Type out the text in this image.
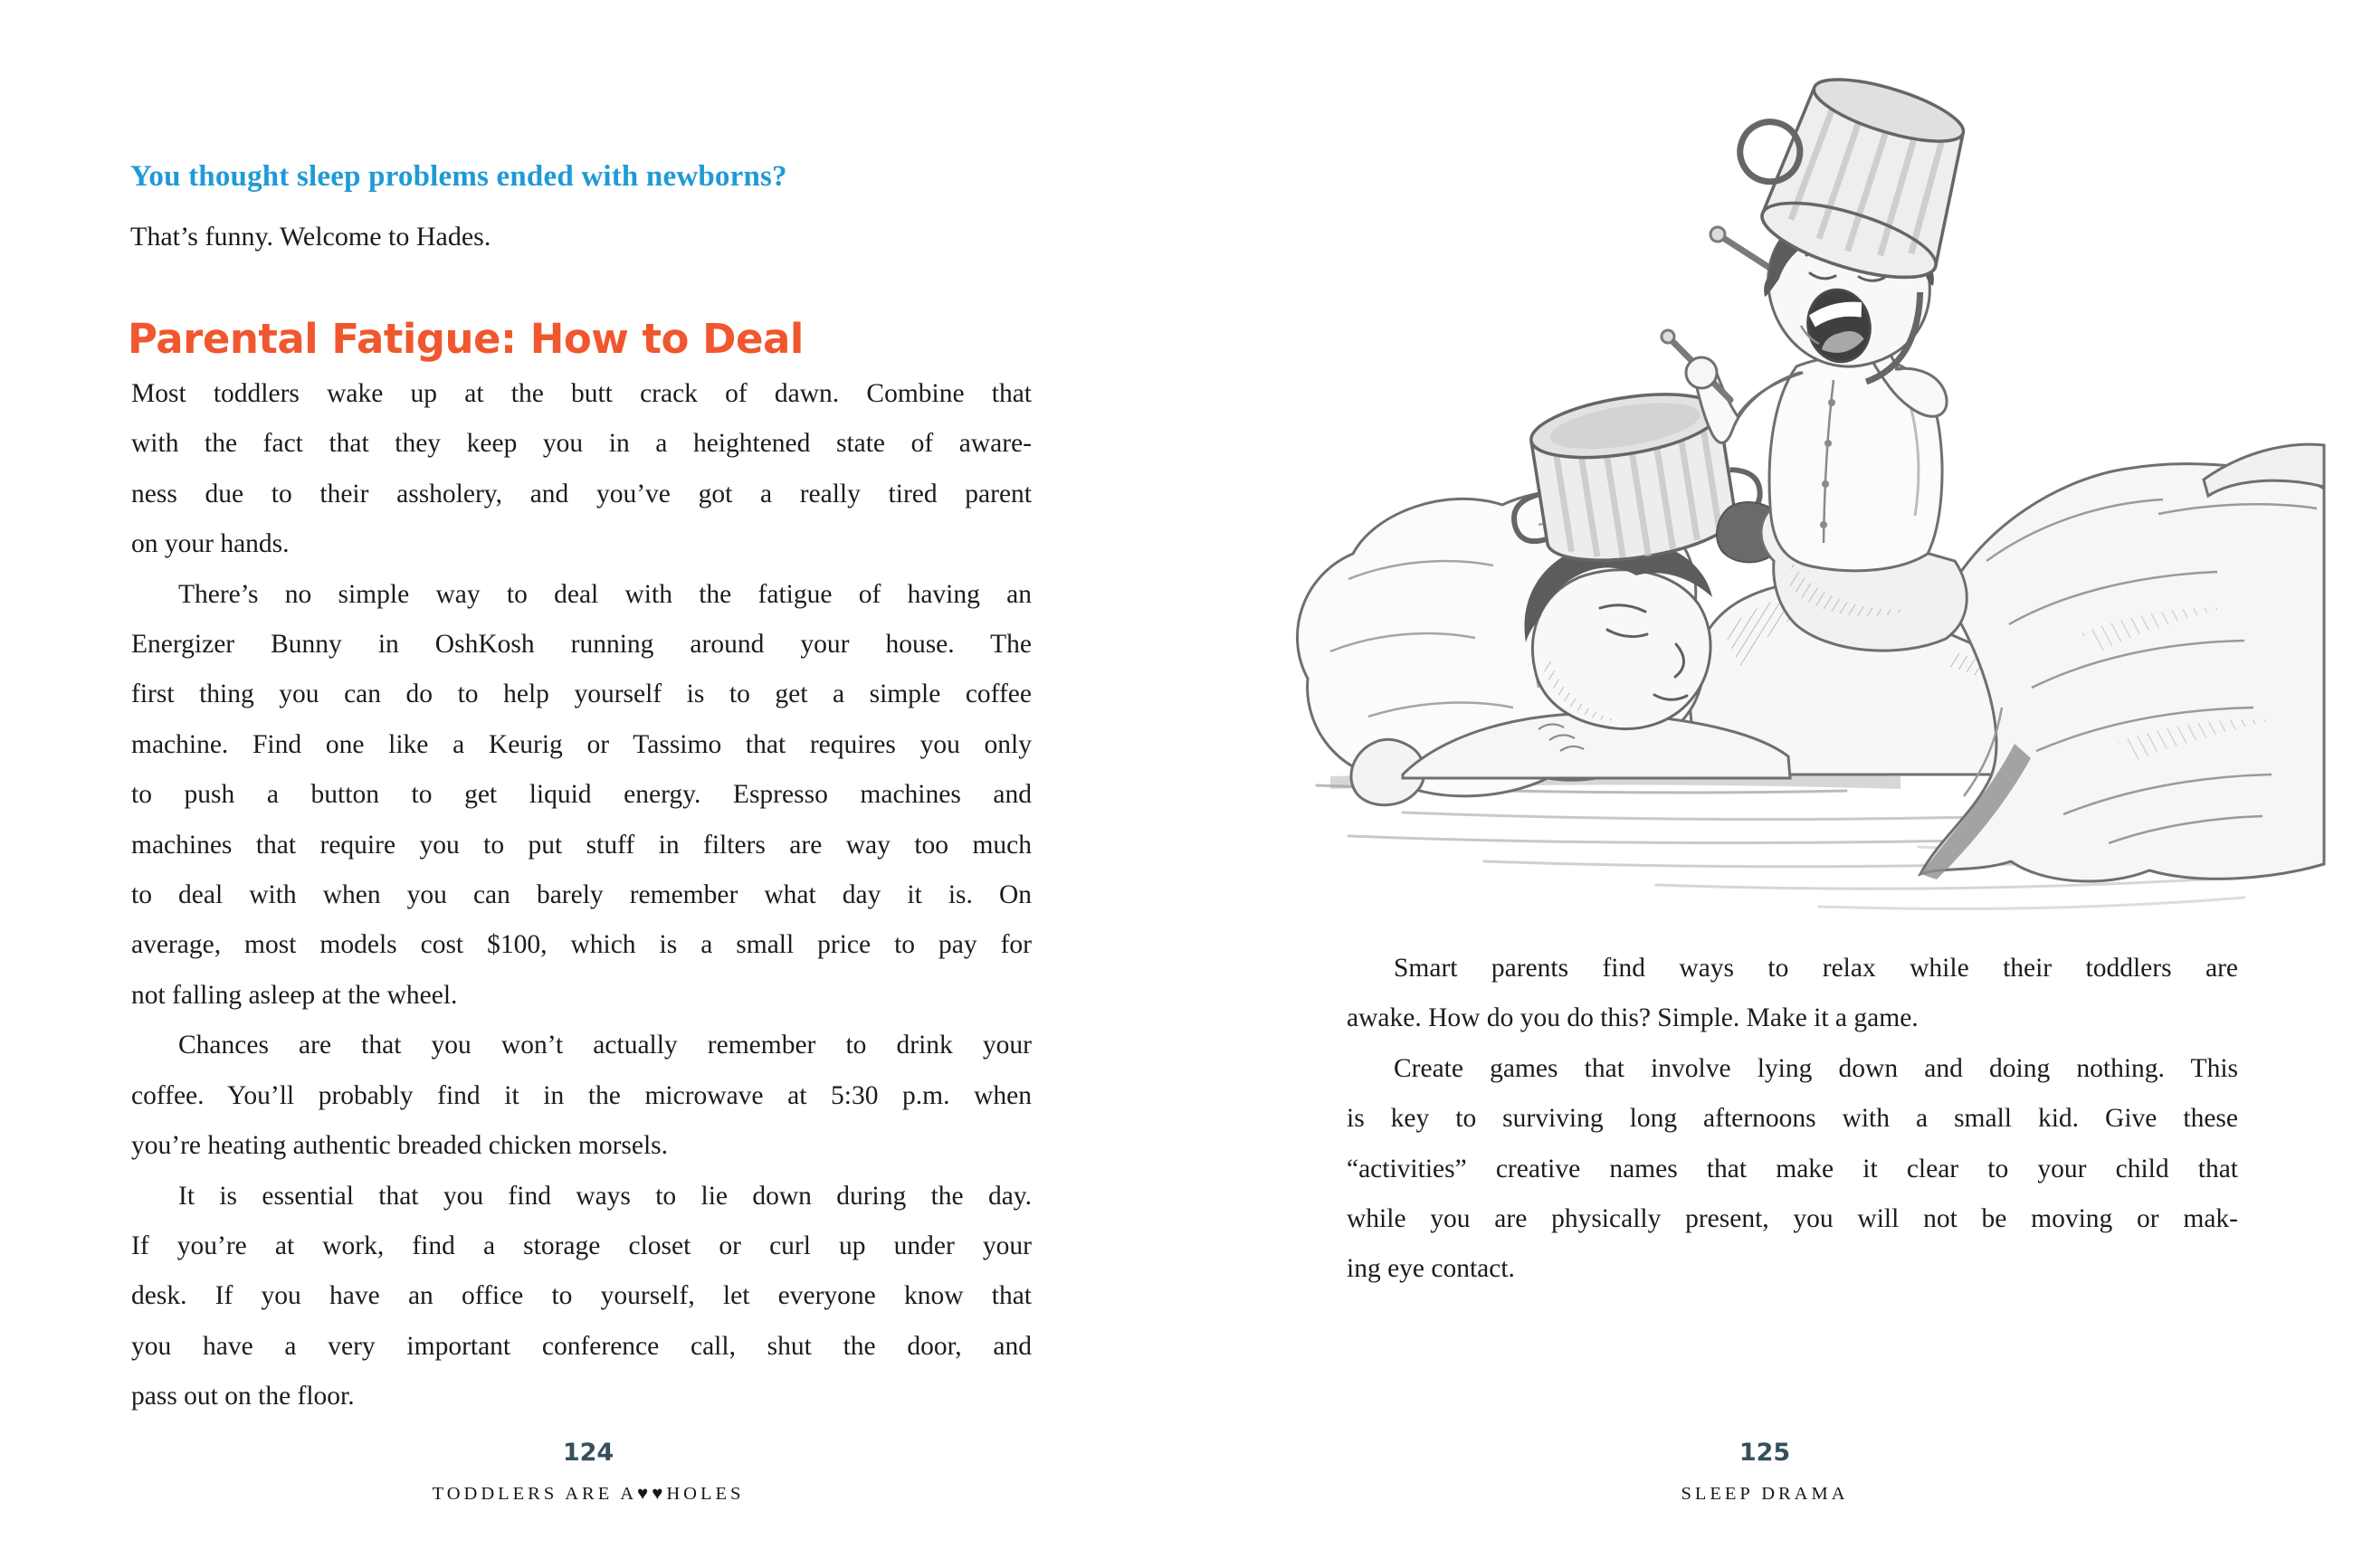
You thought sleep problems ended with newborns?

That’s funny. Welcome to Hades.

Parental Fatigue: How to Deal
Most toddlers wake up at the butt crack of dawn. Combine that
with the fact that they keep you in a heightened state of aware-
ness due to their assholery, and you’ve got a really tired parent
on your hands.
There’s no simple way to deal with the fatigue of having an
Energizer Bunny in OshKosh running around your house. The
first thing you can do to help yourself is to get a simple coffee
machine. Find one like a Keurig or Tassimo that requires you only
to push a button to get liquid energy. Espresso machines and
machines that require you to put stuff in filters are way too much
to deal with when you can barely remember what day it is. On
average, most models cost $100, which is a small price to pay for
not falling asleep at the wheel.
Chances are that you won’t actually remember to drink your
coffee. You’ll probably find it in the microwave at 5:30 p.m. when
you’re heating authentic breaded chicken morsels.
It is essential that you find ways to lie down during the day.
If you’re at work, find a storage closet or curl up under your
desk. If you have an office to yourself, let everyone know that
you have a very important conference call, shut the door, and
pass out on the floor.
124
TODDLERS ARE A♥♥HOLES
Smart parents find ways to relax while their toddlers are
awake. How do you do this? Simple. Make it a game.
Create games that involve lying down and doing nothing. This
is key to surviving long afternoons with a small kid. Give these
“activities” creative names that make it clear to your child that
while you are physically present, you will not be moving or mak-
ing eye contact.
125
SLEEP DRAMA
